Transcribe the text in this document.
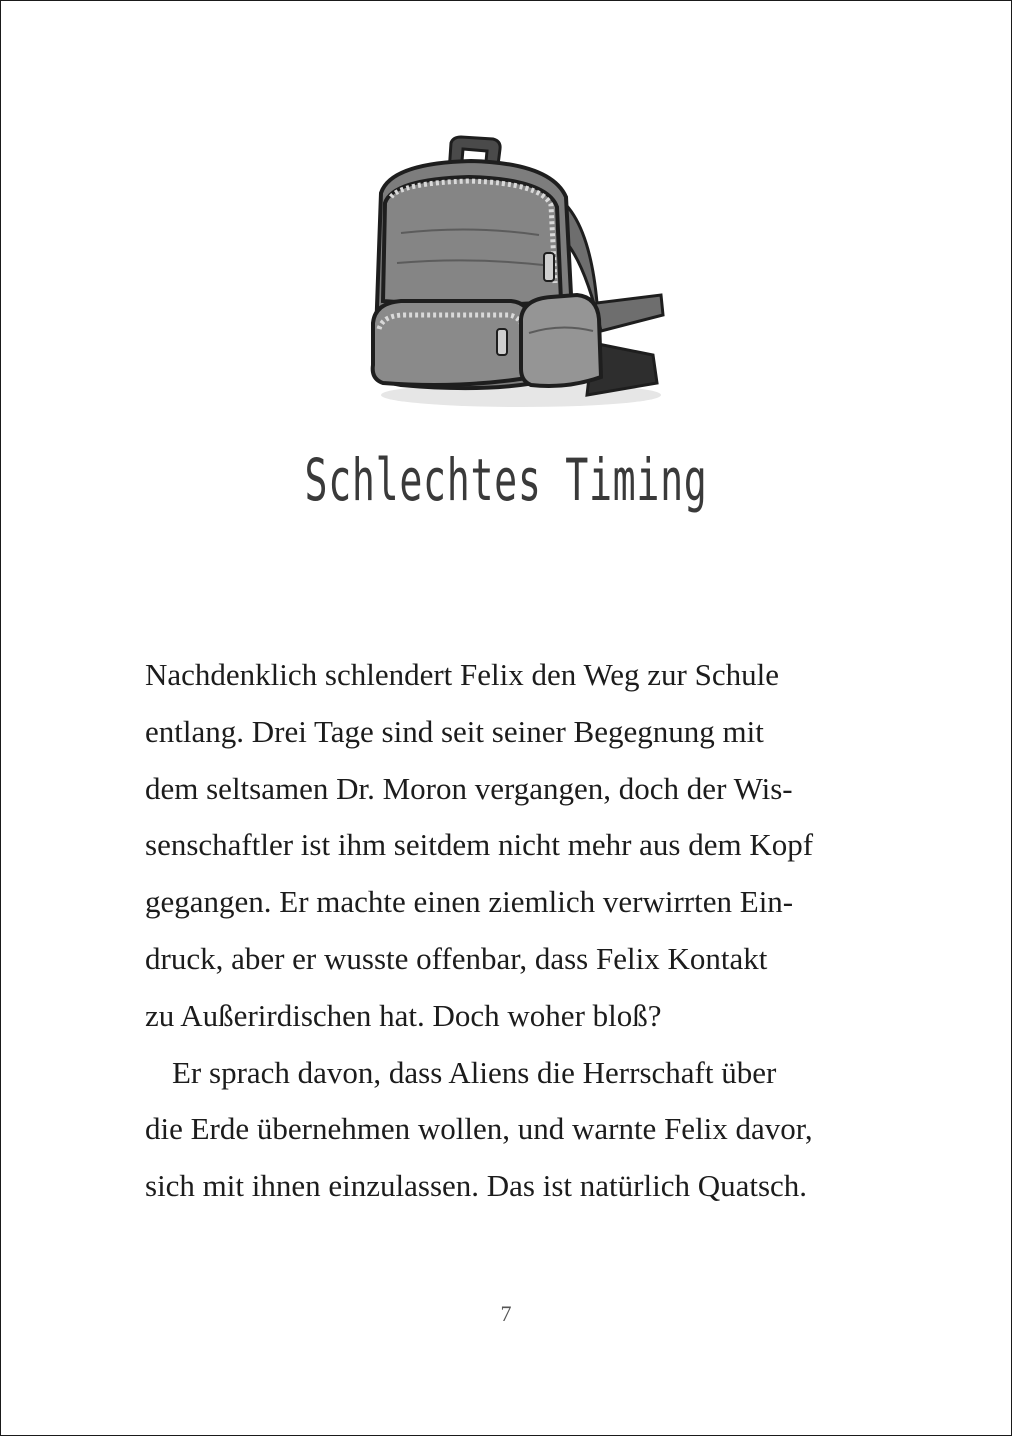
Schlechtes Timing
Nachdenklich schlendert Felix den Weg zur Schule
entlang. Drei Tage sind seit seiner Begegnung mit
dem seltsamen Dr. Moron vergangen, doch der Wis-
senschaftler ist ihm seitdem nicht mehr aus dem Kopf
gegangen. Er machte einen ziemlich verwirrten Ein-
druck, aber er wusste offenbar, dass Felix Kontakt
zu Außerirdischen hat. Doch woher bloß?
Er sprach davon, dass Aliens die Herrschaft über
die Erde übernehmen wollen, und warnte Felix davor,
sich mit ihnen einzulassen. Das ist natürlich Quatsch.
7
